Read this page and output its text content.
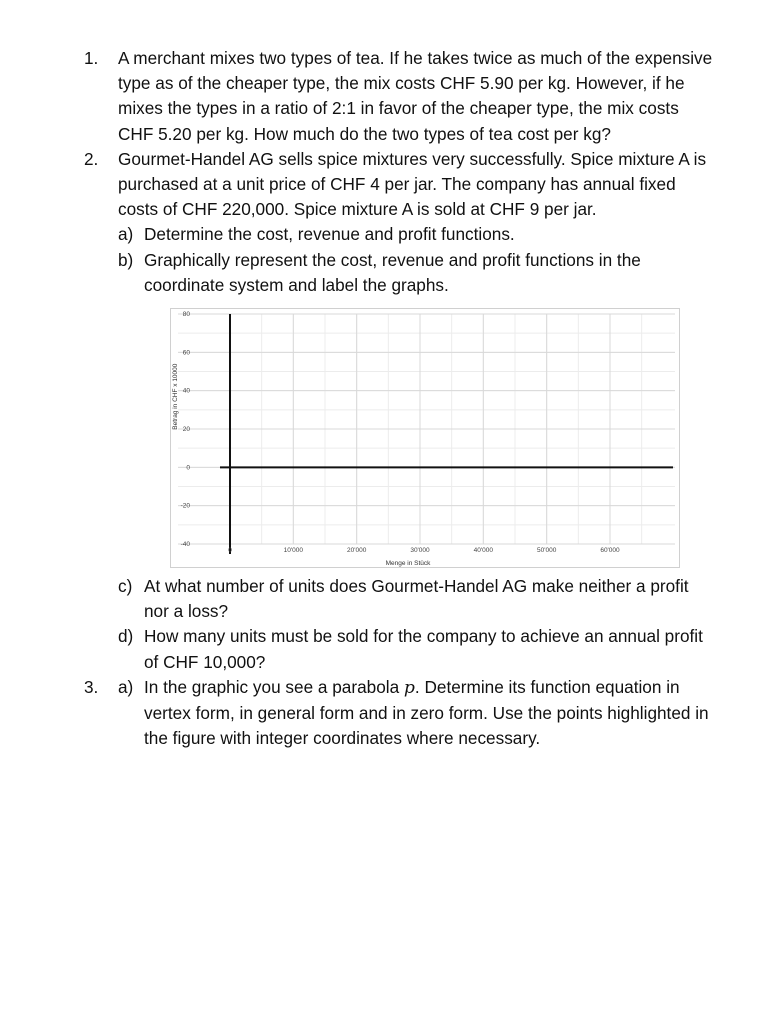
1. A merchant mixes two types of tea. If he takes twice as much of the expensive type as of the cheaper type, the mix costs CHF 5.90 per kg. However, if he mixes the types in a ratio of 2:1 in favor of the cheaper type, the mix costs CHF 5.20 per kg. How much do the two types of tea cost per kg?
2. Gourmet-Handel AG sells spice mixtures very successfully. Spice mixture A is purchased at a unit price of CHF 4 per jar. The company has annual fixed costs of CHF 220,000. Spice mixture A is sold at CHF 9 per jar.
a) Determine the cost, revenue and profit functions.
b) Graphically represent the cost, revenue and profit functions in the coordinate system and label the graphs.
80
60
40
20
0
-20
-40
0	10'000	20'000	30'000	40'000	50'000	60'000
Betrag in CHF x 10000
Menge in Stück
c) At what number of units does Gourmet-Handel AG make neither a profit nor a loss?
d) How many units must be sold for the company to achieve an annual profit of CHF 10,000?
3. a) In the graphic you see a parabola p. Determine its function equation in vertex form, in general form and in zero form. Use the points highlighted in the figure with integer coordinates where necessary.
